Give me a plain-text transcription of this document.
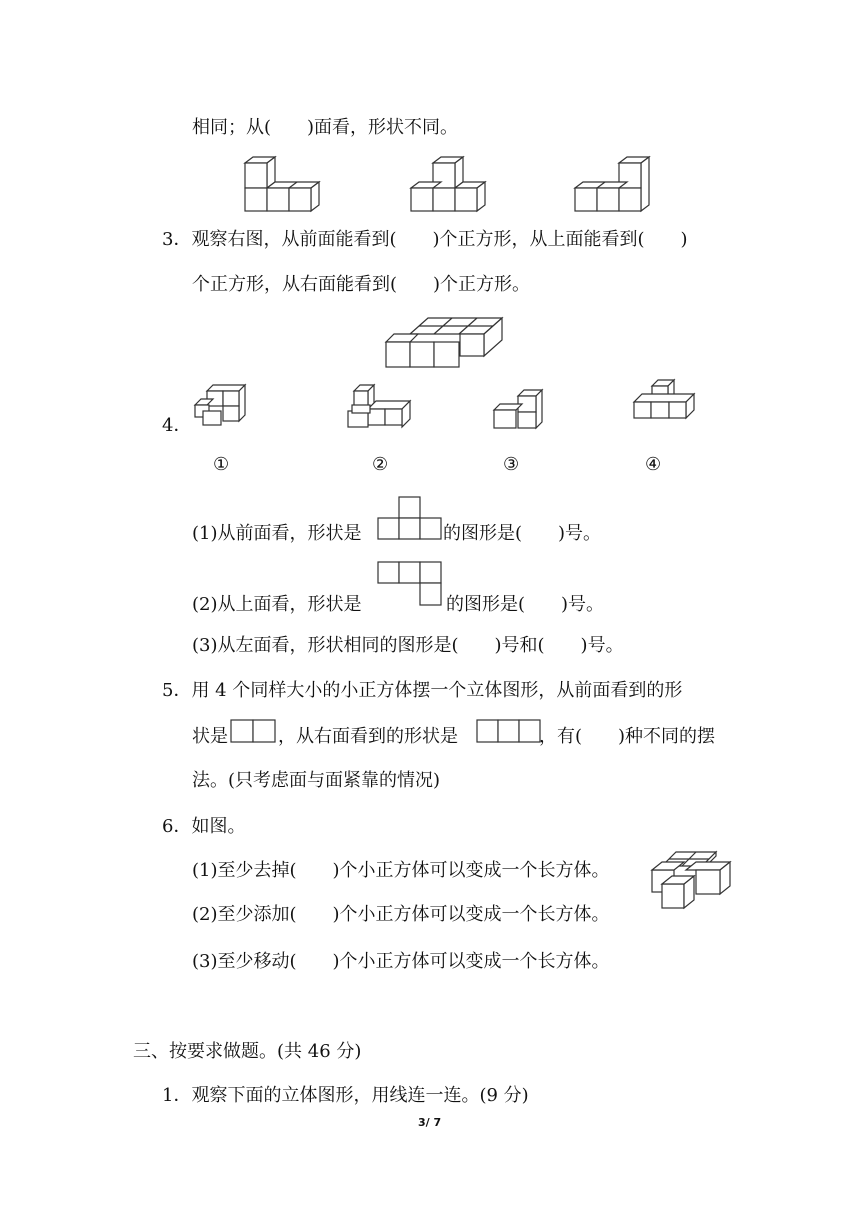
相同；从(　　)面看，形状不同。
3．观察右图，从前面能看到(　　)个正方形，从上面能看到(　　)
个正方形，从右面能看到(　　)个正方形。
4．
①	②	③	④
(1)从前面看，形状是	的图形是(　　)号。
(2)从上面看，形状是	的图形是(　　)号。
(3)从左面看，形状相同的图形是(　　)号和(　　)号。
5．用 4 个同样大小的小正方体摆一个立体图形，从前面看到的形
状是	，从右面看到的形状是	，有(　　)种不同的摆
法。(只考虑面与面紧靠的情况)
6．如图。
(1)至少去掉(　　)个小正方体可以变成一个长方体。
(2)至少添加(　　)个小正方体可以变成一个长方体。
(3)至少移动(　　)个小正方体可以变成一个长方体。
三、按要求做题。(共 46 分)
1．观察下面的立体图形，用线连一连。(9 分)
3/ 7
